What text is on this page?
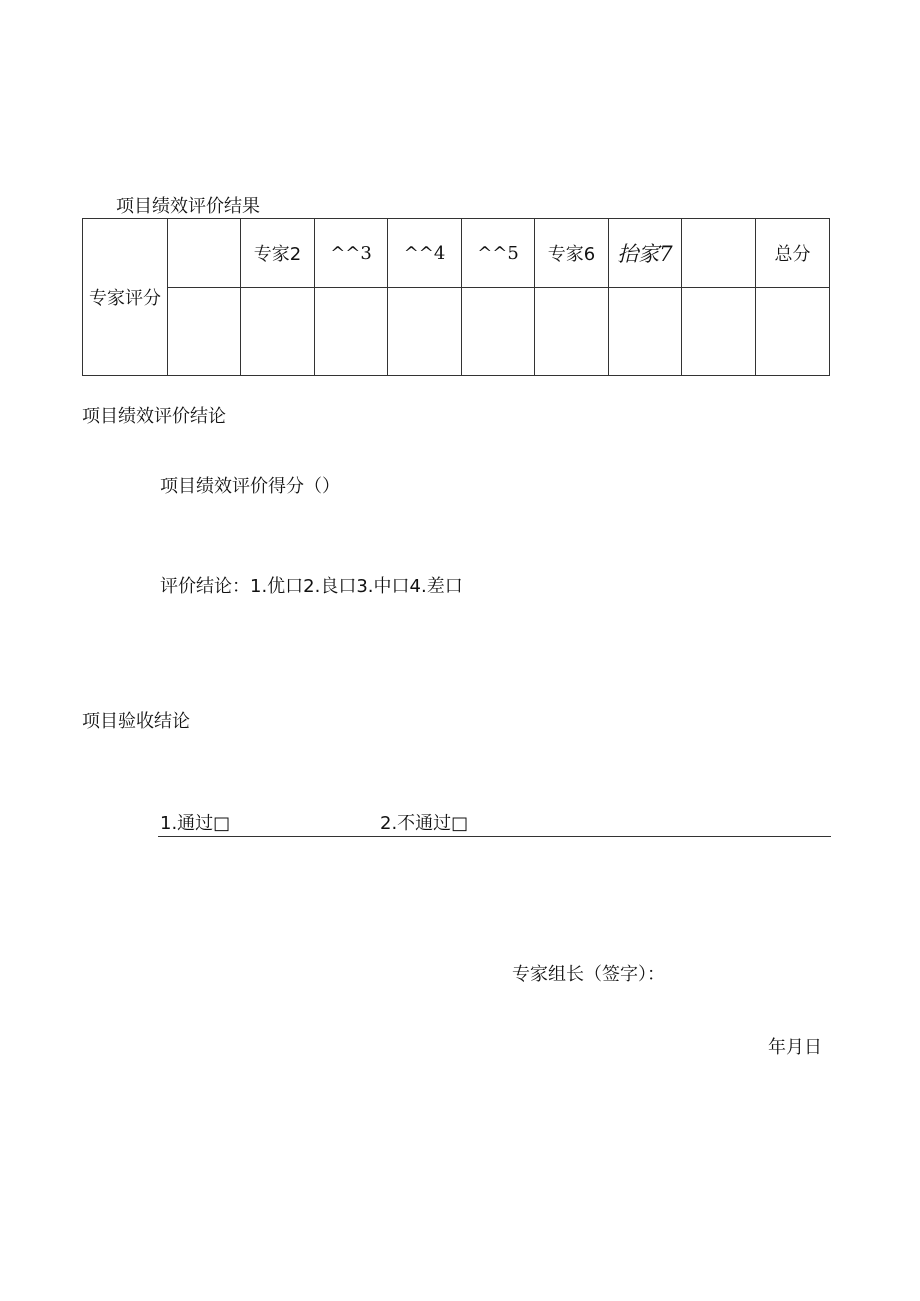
项目绩效评价结果
专家评分		专家2	^^3	^^4	^^5	专家6	抬家7		总分

项目绩效评价结论
项目绩效评价得分（）
评价结论：1.优口2.良口3.中口4.差口
项目验收结论
1.通过□	2.不通过□
专家组长（签字）：
年月日
